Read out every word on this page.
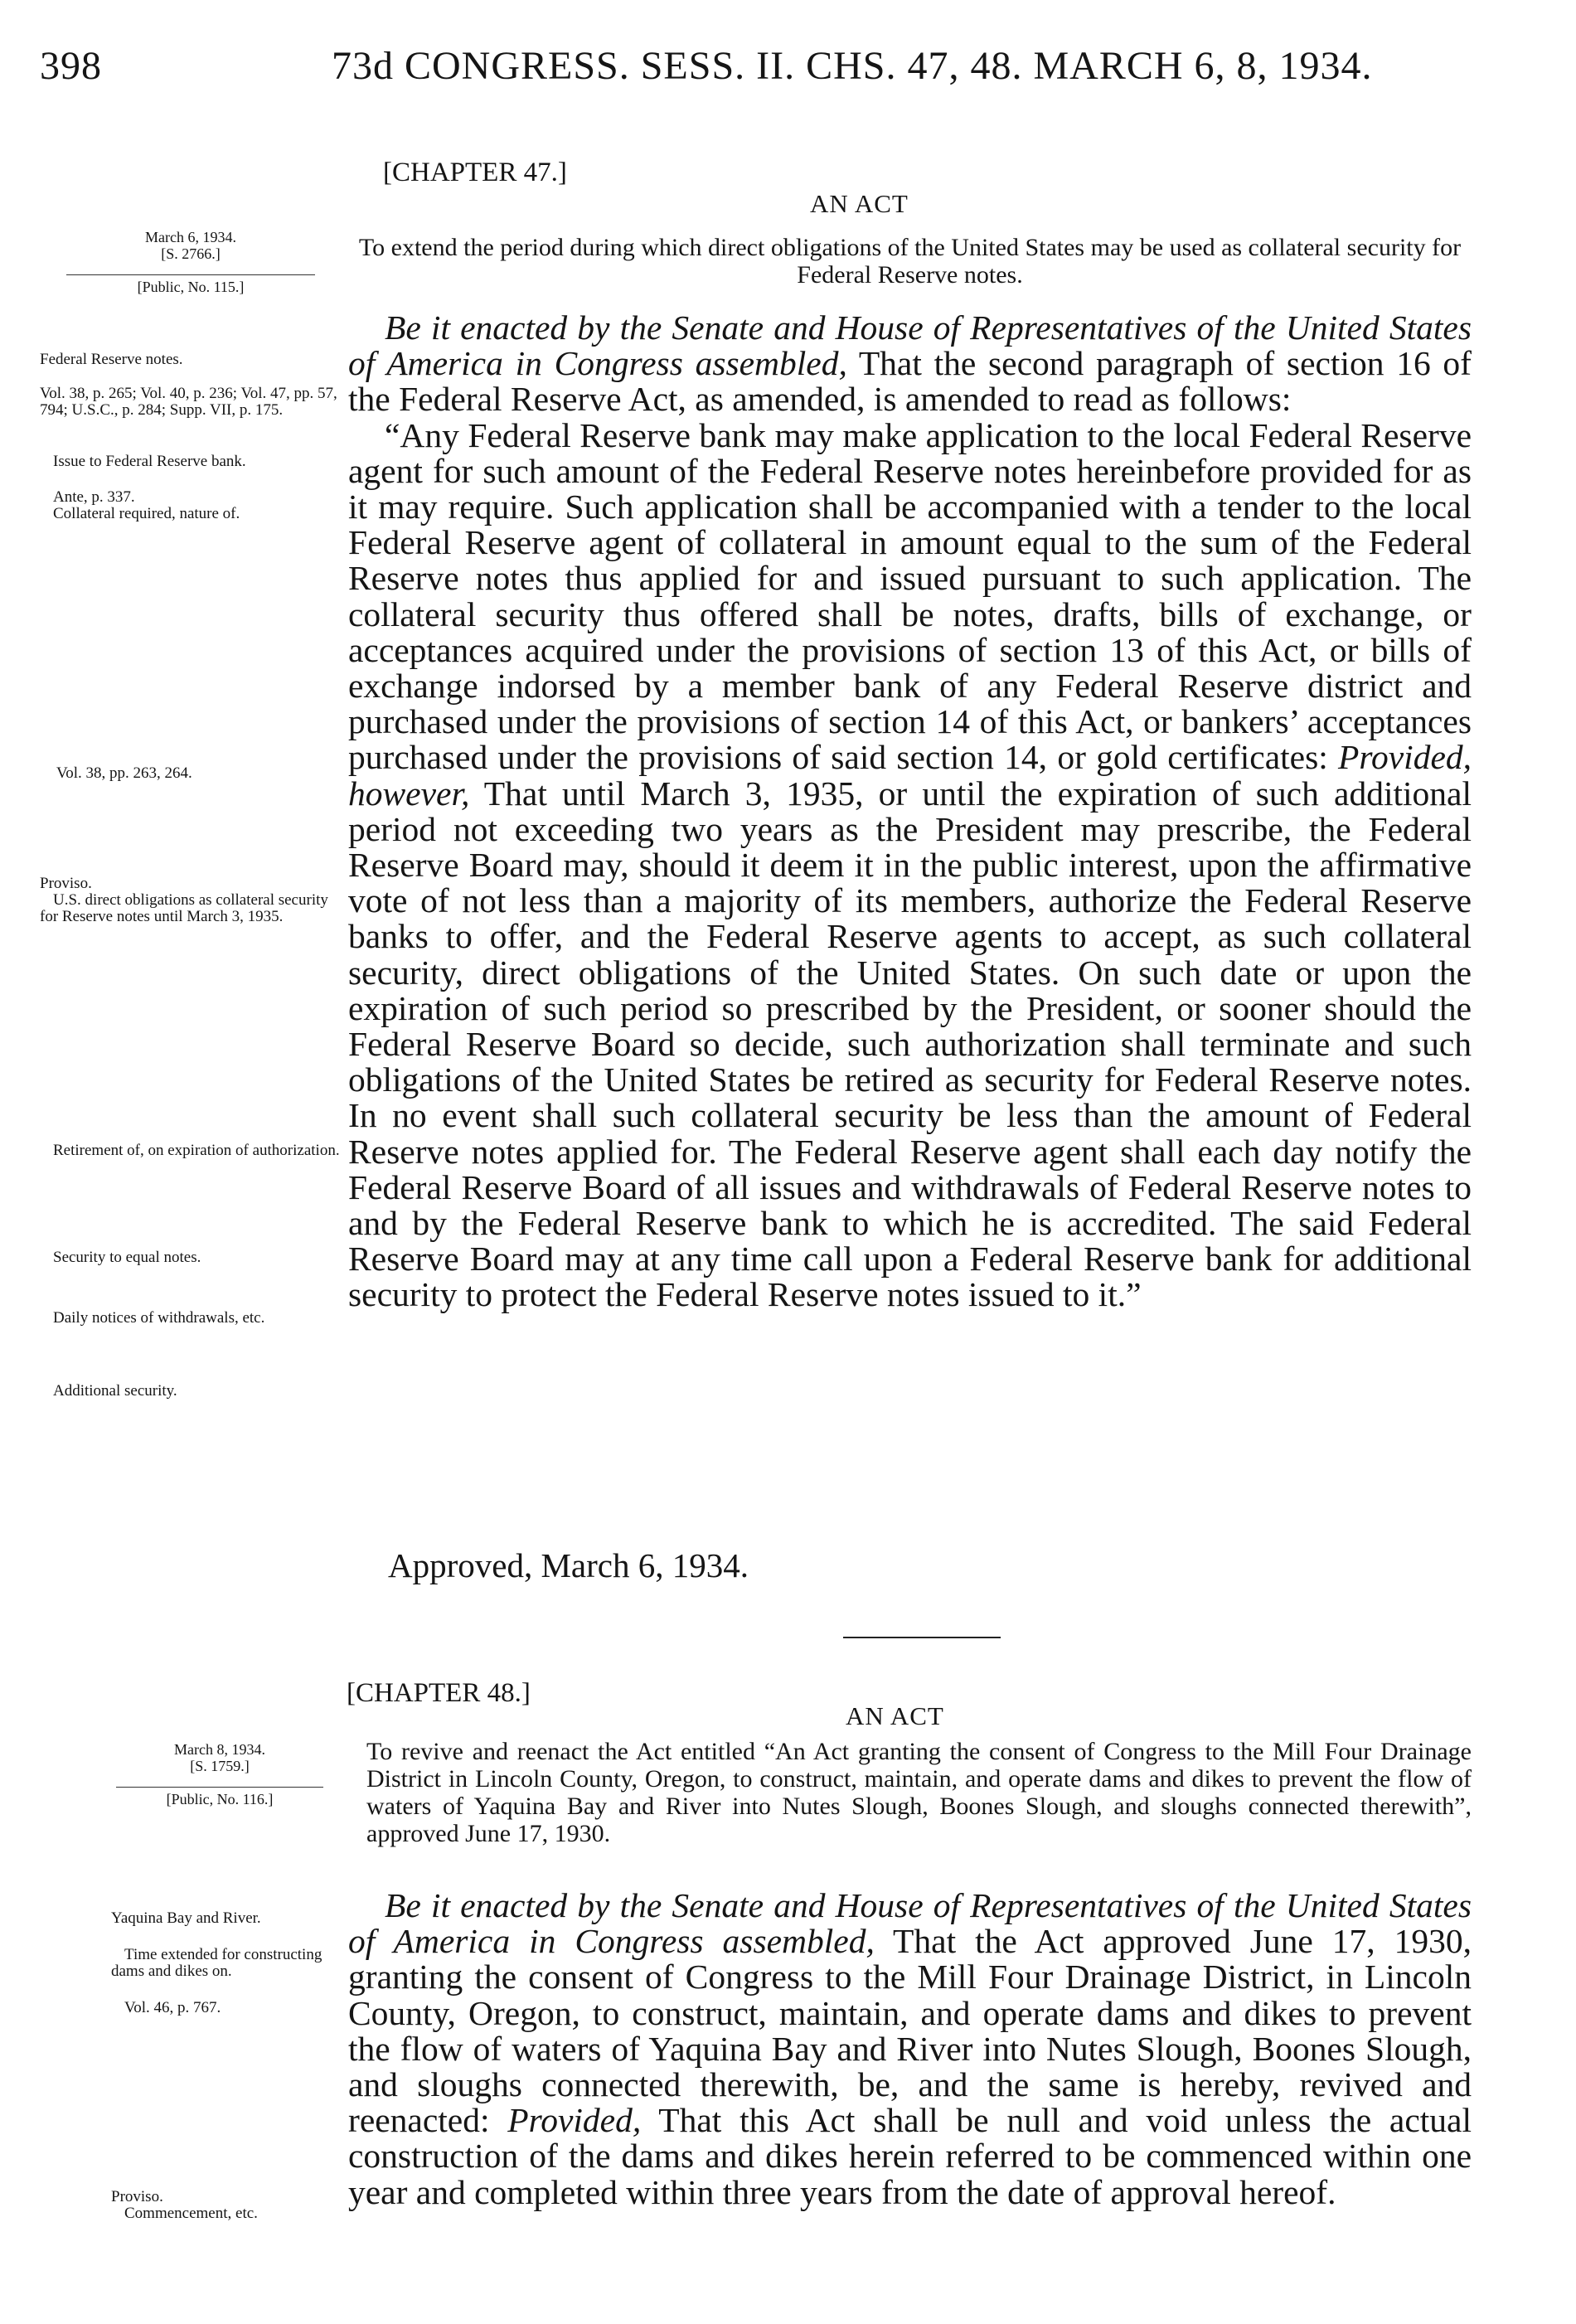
398	73d CONGRESS. SESS. II. CHS. 47, 48. MARCH 6, 8, 1934.
[CHAPTER 47.]
AN ACT
March 6, 1934.
[S. 2766.]
[Public, No. 115.]
To extend the period during which direct obligations of the United States may be used as collateral security for Federal Reserve notes.
Federal Reserve notes.
Vol. 38, p. 265; Vol. 40, p. 236; Vol. 47, pp. 57, 794; U.S.C., p. 284; Supp. VII, p. 175.
Issue to Federal Reserve bank.
Ante, p. 337.
Collateral required, nature of.
Vol. 38, pp. 263, 264.
Proviso.
U.S. direct obligations as collateral security for Reserve notes until March 3, 1935.
Retirement of, on expiration of authorization.
Security to equal notes.
Daily notices of withdrawals, etc.
Additional security.

Be it enacted by the Senate and House of Representatives of the United States of America in Congress assembled, That the second paragraph of section 16 of the Federal Reserve Act, as amended, is amended to read as follows:

“Any Federal Reserve bank may make application to the local Federal Reserve agent for such amount of the Federal Reserve notes hereinbefore provided for as it may require. Such application shall be accompanied with a tender to the local Federal Reserve agent of collateral in amount equal to the sum of the Federal Reserve notes thus applied for and issued pursuant to such application. The collateral security thus offered shall be notes, drafts, bills of exchange, or acceptances acquired under the provisions of section 13 of this Act, or bills of exchange indorsed by a member bank of any Federal Reserve district and purchased under the provisions of section 14 of this Act, or bankers’ acceptances purchased under the provisions of said section 14, or gold certificates: Provided, however, That until March 3, 1935, or until the expiration of such additional period not exceeding two years as the President may prescribe, the Federal Reserve Board may, should it deem it in the public interest, upon the affirmative vote of not less than a majority of its members, authorize the Federal Reserve banks to offer, and the Federal Reserve agents to accept, as such collateral security, direct obligations of the United States. On such date or upon the expiration of such period so prescribed by the President, or sooner should the Federal Reserve Board so decide, such authorization shall terminate and such obligations of the United States be retired as security for Federal Reserve notes. In no event shall such collateral security be less than the amount of Federal Reserve notes applied for. The Federal Reserve agent shall each day notify the Federal Reserve Board of all issues and withdrawals of Federal Reserve notes to and by the Federal Reserve bank to which he is accredited. The said Federal Reserve Board may at any time call upon a Federal Reserve bank for additional security to protect the Federal Reserve notes issued to it.”

Approved, March 6, 1934.
[CHAPTER 48.]
AN ACT
March 8, 1934.
[S. 1759.]
[Public, No. 116.]
To revive and reenact the Act entitled “An Act granting the consent of Congress to the Mill Four Drainage District in Lincoln County, Oregon, to construct, maintain, and operate dams and dikes to prevent the flow of waters of Yaquina Bay and River into Nutes Slough, Boones Slough, and sloughs connected therewith”, approved June 17, 1930.
Yaquina Bay and River.
Time extended for constructing dams and dikes on.
Vol. 46, p. 767.
Proviso.
Commencement, etc.

Be it enacted by the Senate and House of Representatives of the United States of America in Congress assembled, That the Act approved June 17, 1930, granting the consent of Congress to the Mill Four Drainage District, in Lincoln County, Oregon, to construct, maintain, and operate dams and dikes to prevent the flow of waters of Yaquina Bay and River into Nutes Slough, Boones Slough, and sloughs connected therewith, be, and the same is hereby, revived and reenacted: Provided, That this Act shall be null and void unless the actual construction of the dams and dikes herein referred to be commenced within one year and completed within three years from the date of approval hereof.
